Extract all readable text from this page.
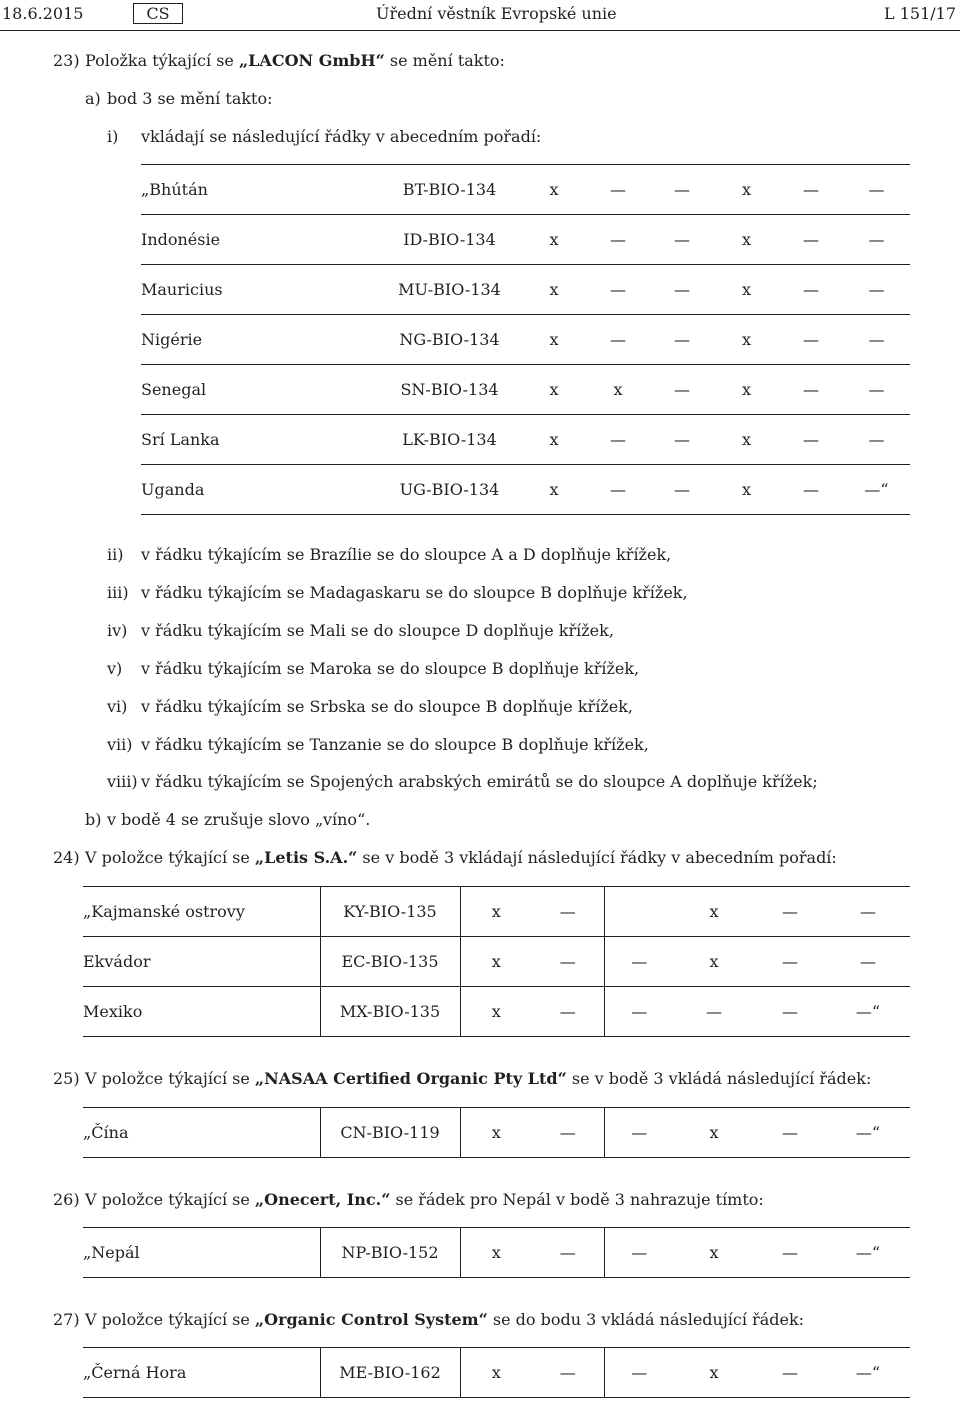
18.6.2015	CS	Úřední věstník Evropské unie	L 151/17
23) Položka týkající se „LACON GmbH“ se mění takto:
a) bod 3 se mění takto:
i) vkládají se následující řádky v abecedním pořadí:
„Bhútán	BT-BIO-134	x	—	—	x	—	—
Indonésie	ID-BIO-134	x	—	—	x	—	—
Mauricius	MU-BIO-134	x	—	—	x	—	—
Nigérie	NG-BIO-134	x	—	—	x	—	—
Senegal	SN-BIO-134	x	x	—	x	—	—
Srí Lanka	LK-BIO-134	x	—	—	x	—	—
Uganda	UG-BIO-134	x	—	—	x	—	—“
ii) v řádku týkajícím se Brazílie se do sloupce A a D doplňuje křížek,
iii) v řádku týkajícím se Madagaskaru se do sloupce B doplňuje křížek,
iv) v řádku týkajícím se Mali se do sloupce D doplňuje křížek,
v) v řádku týkajícím se Maroka se do sloupce B doplňuje křížek,
vi) v řádku týkajícím se Srbska se do sloupce B doplňuje křížek,
vii) v řádku týkajícím se Tanzanie se do sloupce B doplňuje křížek,
viii) v řádku týkajícím se Spojených arabských emirátů se do sloupce A doplňuje křížek;
b) v bodě 4 se zrušuje slovo „víno“.
24) V položce týkající se „Letis S.A.“ se v bodě 3 vkládají následující řádky v abecedním pořadí:
„Kajmanské ostrovy	KY-BIO-135	x	—		x	—	—
Ekvádor	EC-BIO-135	x	—	—	x	—	—
Mexiko	MX-BIO-135	x	—	—	—	—	—“
25) V položce týkající se „NASAA Certified Organic Pty Ltd“ se v bodě 3 vkládá následující řádek:
„Čína	CN-BIO-119	x	—	—	x	—	—“
26) V položce týkající se „Onecert, Inc.“ se řádek pro Nepál v bodě 3 nahrazuje tímto:
„Nepál	NP-BIO-152	x	—	—	x	—	—“
27) V položce týkající se „Organic Control System“ se do bodu 3 vkládá následující řádek:
„Černá Hora	ME-BIO-162	x	—	—	x	—	—“
